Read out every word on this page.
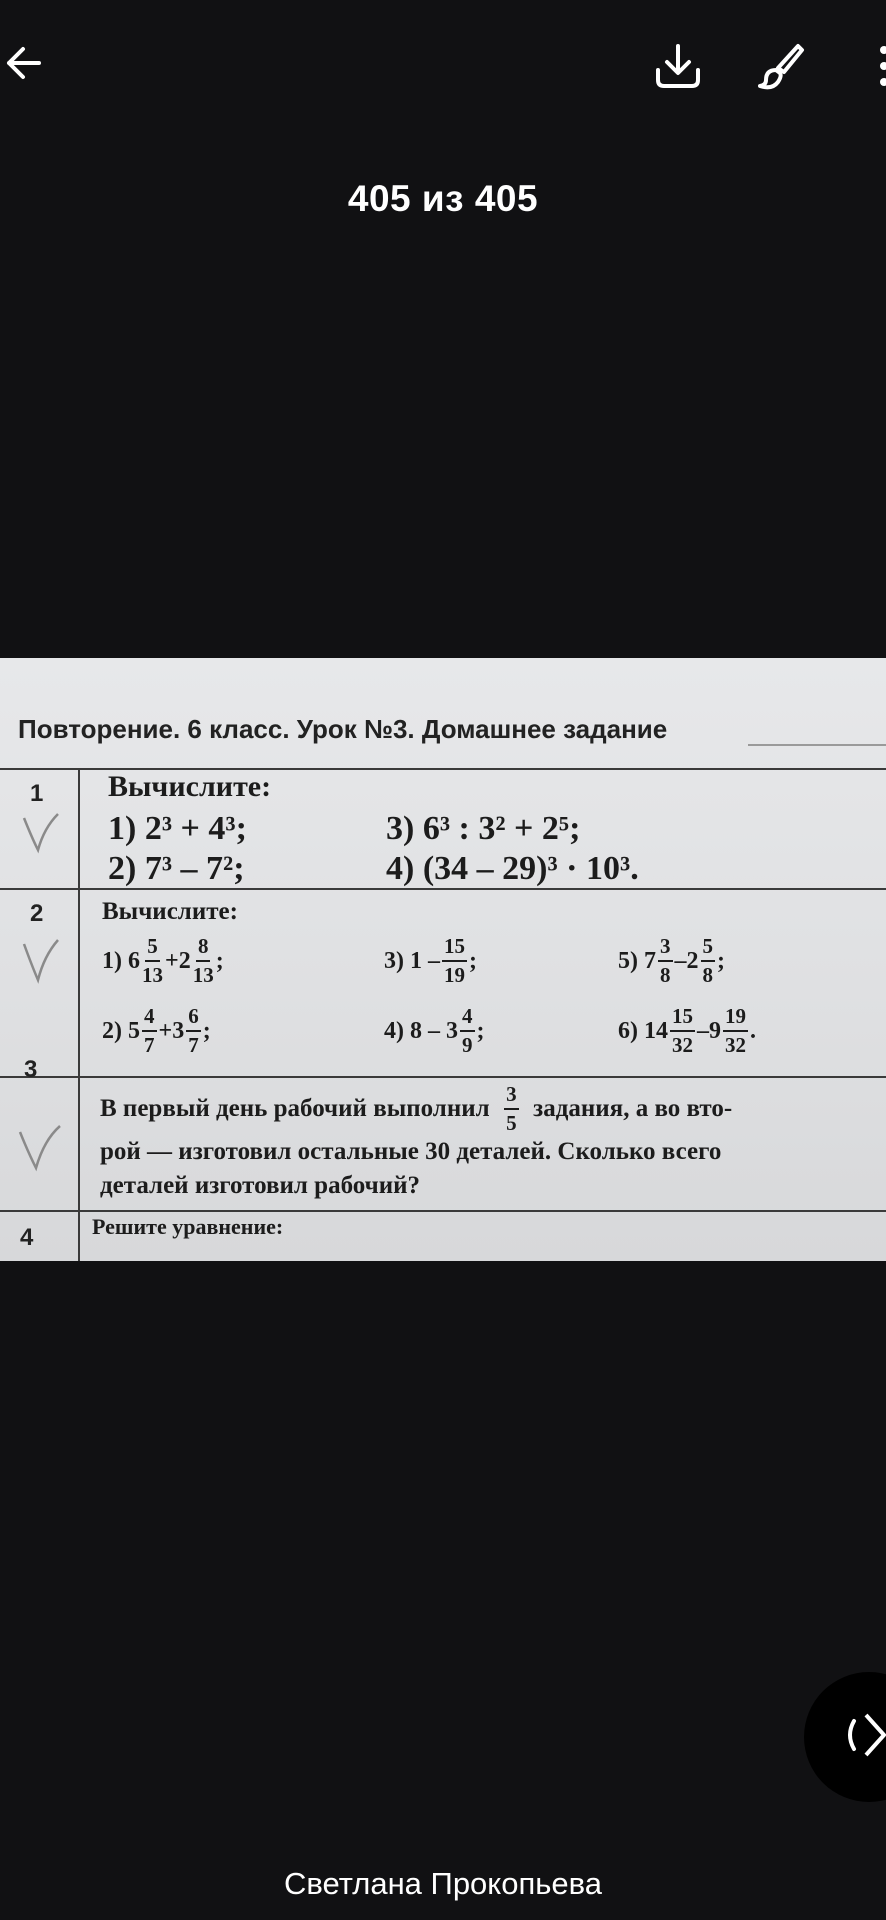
405 из 405
Повторение. 6 класс. Урок №3. Домашнее задание
1 Вычислите:
1) 2³ + 4³;
2) 7³ – 7²;
3) 6³ : 3² + 2⁵;
4) (34 – 29)³ · 10³.
2 Вычислите:
1)
$6 \frac{5}{13} + 2 \frac{8}{13}$ ;
2)
$5 \frac{4}{7} + 3 \frac{6}{7}$ ;
3)
$1 - \frac{15}{19}$ ;
4)
$8 - 3 \frac{4}{9}$ ;
5)
$7 \frac{3}{8} - 2 \frac{5}{8}$ ;
6)
$14 \frac{15}{32} - 9 \frac{19}{32}$ .
3
В первый день рабочий выполнил
$\frac{3}{5}$
задания, а во вто-
рой — изготовил остальные 30 деталей. Сколько всего
деталей изготовил рабочий?
4	Решите уравнение:
Светлана Прокопьева
